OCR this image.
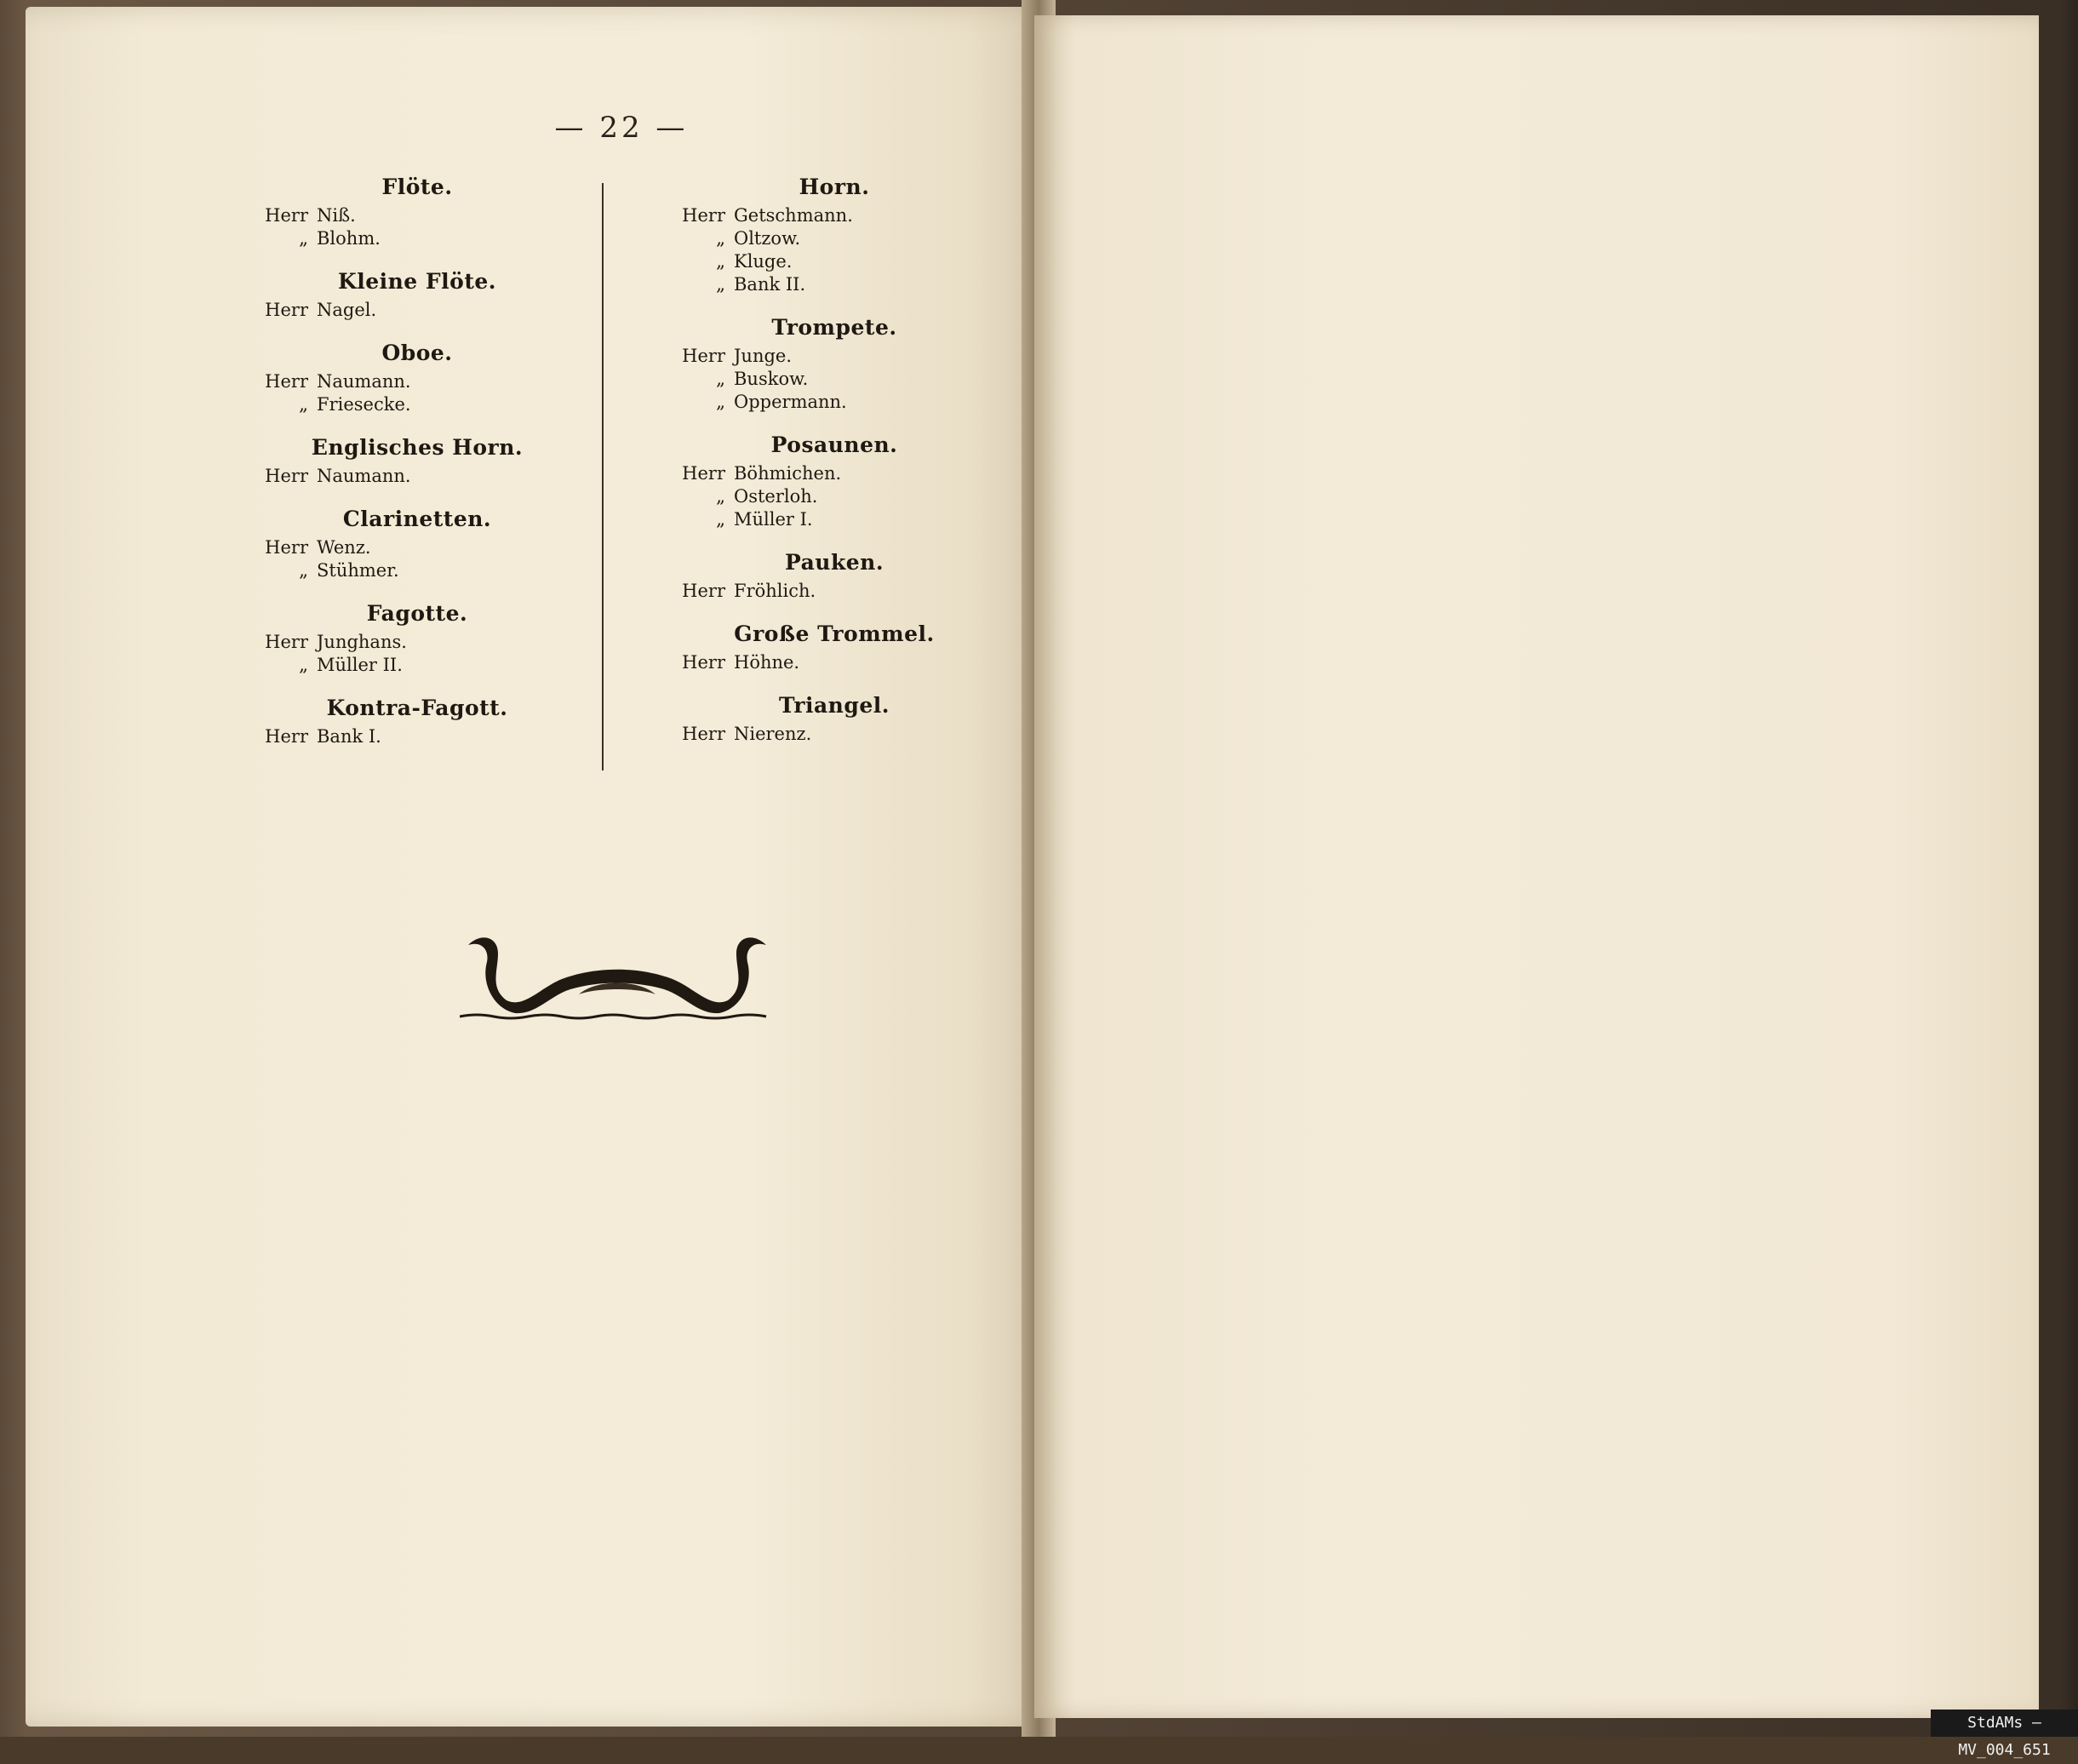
— 22 —
Flöte.
Herr Niß.
„ Blohm.
Kleine Flöte.
Herr Nagel.
Oboe.
Herr Naumann.
„ Friesecke.
Englisches Horn.
Herr Naumann.
Clarinetten.
Herr Wenz.
„ Stühmer.
Fagotte.
Herr Junghans.
„ Müller II.
Kontra-Fagott.
Herr Bank I.
Horn.
Herr Getschmann.
„ Oltzow.
„ Kluge.
„ Bank II.
Trompete.
Herr Junge.
„ Buskow.
„ Oppermann.
Posaunen.
Herr Böhmichen.
„ Osterloh.
„ Müller I.
Pauken.
Herr Fröhlich.
Große Trommel.
Herr Höhne.
Triangel.
Herr Nierenz.
StdAMs – MV_004_651
